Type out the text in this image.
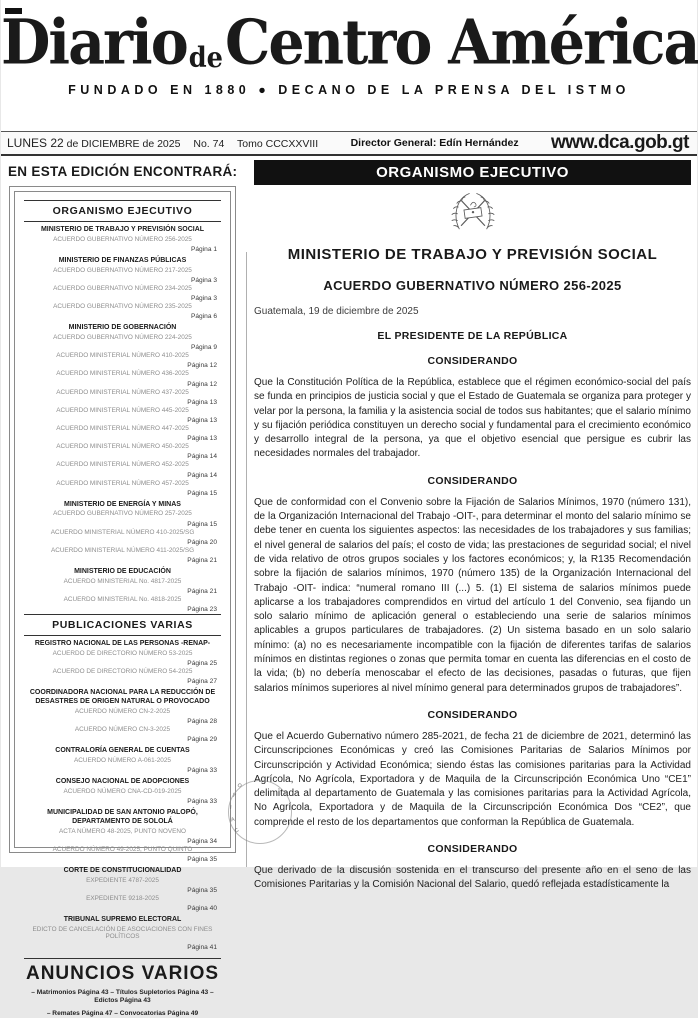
DiariodeCentro América
FUNDADO EN 1880 ● DECANO DE LA PRENSA DEL ISTMO
LUNES 22 de DICIEMBRE de 2025 No. 74 Tomo CCCXXVIII	Director General: Edín Hernández	www.dca.gob.gt
EN ESTA EDICIÓN ENCONTRARÁ:
ORGANISMO EJECUTIVO
MINISTERIO DE TRABAJO Y PREVISIÓN SOCIAL
ACUERDO GUBERNATIVO NÚMERO 256-2025
Página 1
MINISTERIO DE FINANZAS PÚBLICAS
ACUERDO GUBERNATIVO NÚMERO 217-2025
Página 3
ACUERDO GUBERNATIVO NÚMERO 234-2025
Página 3
ACUERDO GUBERNATIVO NÚMERO 235-2025
Página 6
MINISTERIO DE GOBERNACIÓN
ACUERDO GUBERNATIVO NÚMERO 224-2025
Página 9
ACUERDO MINISTERIAL NÚMERO 410-2025
Página 12
ACUERDO MINISTERIAL NÚMERO 436-2025
Página 12
ACUERDO MINISTERIAL NÚMERO 437-2025
Página 13
ACUERDO MINISTERIAL NÚMERO 445-2025
Página 13
ACUERDO MINISTERIAL NÚMERO 447-2025
Página 13
ACUERDO MINISTERIAL NÚMERO 450-2025
Página 14
ACUERDO MINISTERIAL NÚMERO 452-2025
Página 14
ACUERDO MINISTERIAL NÚMERO 457-2025
Página 15
MINISTERIO DE ENERGÍA Y MINAS
ACUERDO GUBERNATIVO NÚMERO 257-2025
Página 15
ACUERDO MINISTERIAL NÚMERO 410-2025/SG
Página 20
ACUERDO MINISTERIAL NÚMERO 411-2025/SG
Página 21
MINISTERIO DE EDUCACIÓN
ACUERDO MINISTERIAL No. 4817-2025
Página 21
ACUERDO MINISTERIAL No. 4818-2025
Página 23
PUBLICACIONES VARIAS
REGISTRO NACIONAL DE LAS PERSONAS -RENAP-
ACUERDO DE DIRECTORIO NÚMERO 53-2025
Página 25
ACUERDO DE DIRECTORIO NÚMERO 54-2025
Página 27
COORDINADORA NACIONAL PARA LA REDUCCIÓN DE DESASTRES DE ORIGEN NATURAL O PROVOCADO
ACUERDO NÚMERO CN-2-2025
Página 28
ACUERDO NÚMERO CN-3-2025
Página 29
CONTRALORÍA GENERAL DE CUENTAS
ACUERDO NÚMERO A-061-2025
Página 33
CONSEJO NACIONAL DE ADOPCIONES
ACUERDO NÚMERO CNA-CD-019-2025
Página 33
MUNICIPALIDAD DE SAN ANTONIO PALOPÓ, DEPARTAMENTO DE SOLOLÁ
ACTA NÚMERO 48-2025, PUNTO NOVENO
Página 34
ACUERDO NÚMERO 49-2025, PUNTO QUINTO
Página 35
CORTE DE CONSTITUCIONALIDAD
EXPEDIENTE 4787-2025
Página 35
EXPEDIENTE 9218-2025
Página 40
TRIBUNAL SUPREMO ELECTORAL
EDICTO DE CANCELACIÓN DE ASOCIACIONES CON FINES POLÍTICOS
Página 41
ANUNCIOS VARIOS
– Matrimonios Página 43 – Títulos Supletorios Página 43 – Edictos Página 43
– Remates Página 47 – Convocatorias Página 49
ORGANISMO EJECUTIVO
MINISTERIO DE TRABAJO Y PREVISIÓN SOCIAL
ACUERDO GUBERNATIVO NÚMERO 256-2025
Guatemala, 19 de diciembre de 2025
EL PRESIDENTE DE LA REPÚBLICA
CONSIDERANDO

Que la Constitución Política de la República, establece que el régimen económico-social del país se funda en principios de justicia social y que el Estado de Guatemala se organiza para proteger y velar por la persona, la familia y la asistencia social de todos sus habitantes; que el salario mínimo y su fijación periódica constituyen un derecho social y fundamental para el crecimiento económico y desarrollo integral de la persona, ya que el objetivo esencial que persigue es cubrir las necesidades normales del trabajador.

CONSIDERANDO

Que de conformidad con el Convenio sobre la Fijación de Salarios Mínimos, 1970 (número 131), de la Organización Internacional del Trabajo -OIT-, para determinar el monto del salario mínimo se debe tener en cuenta los siguientes aspectos: las necesidades de los trabajadores y sus familias; el nivel general de salarios del país; el costo de vida; las prestaciones de seguridad social; el nivel de vida relativo de otros grupos sociales y los factores económicos; y, la R135 Recomendación sobre la fijación de salarios mínimos, 1970 (número 135) de la Organización Internacional del Trabajo -OIT- indica: “numeral romano III (...) 5. (1) El sistema de salarios mínimos puede aplicarse a los trabajadores comprendidos en virtud del artículo 1 del Convenio, sea fijando un solo salario mínimo de aplicación general o estableciendo una serie de salarios mínimos aplicables a grupos particulares de trabajadores. (2) Un sistema basado en un solo salario mínimo: (a) no es necesariamente incompatible con la fijación de diferentes tarifas de salarios mínimos en distintas regiones o zonas que permita tomar en cuenta las diferencias en el costo de la vida; (b) no debería menoscabar el efecto de las decisiones, pasadas o futuras, que fijen salarios mínimos superiores al nivel mínimo general para determinados grupos de trabajadores”.

CONSIDERANDO

Que el Acuerdo Gubernativo número 285-2021, de fecha 21 de diciembre de 2021, determinó las Circunscripciones Económicas y creó las Comisiones Paritarias de Salarios Mínimos por Circunscripción y Actividad Económica; siendo éstas las comisiones paritarias para la Actividad Agrícola, No Agrícola, Exportadora y de Maquila de la Circunscripción Económica Uno “CE1” delimitada al departamento de Guatemala y las comisiones paritarias para la Actividad Agrícola, No Agrícola, Exportadora y de Maquila de la Circunscripción Económica Dos “CE2”, que comprende el resto de los departamentos que conforman la República de Guatemala.

CONSIDERANDO

Que derivado de la discusión sostenida en el transcurso del presente año en el seno de las Comisiones Paritarias y la Comisión Nacional del Salario, quedó reflejada estadísticamente la

O
Y
I
A
C
